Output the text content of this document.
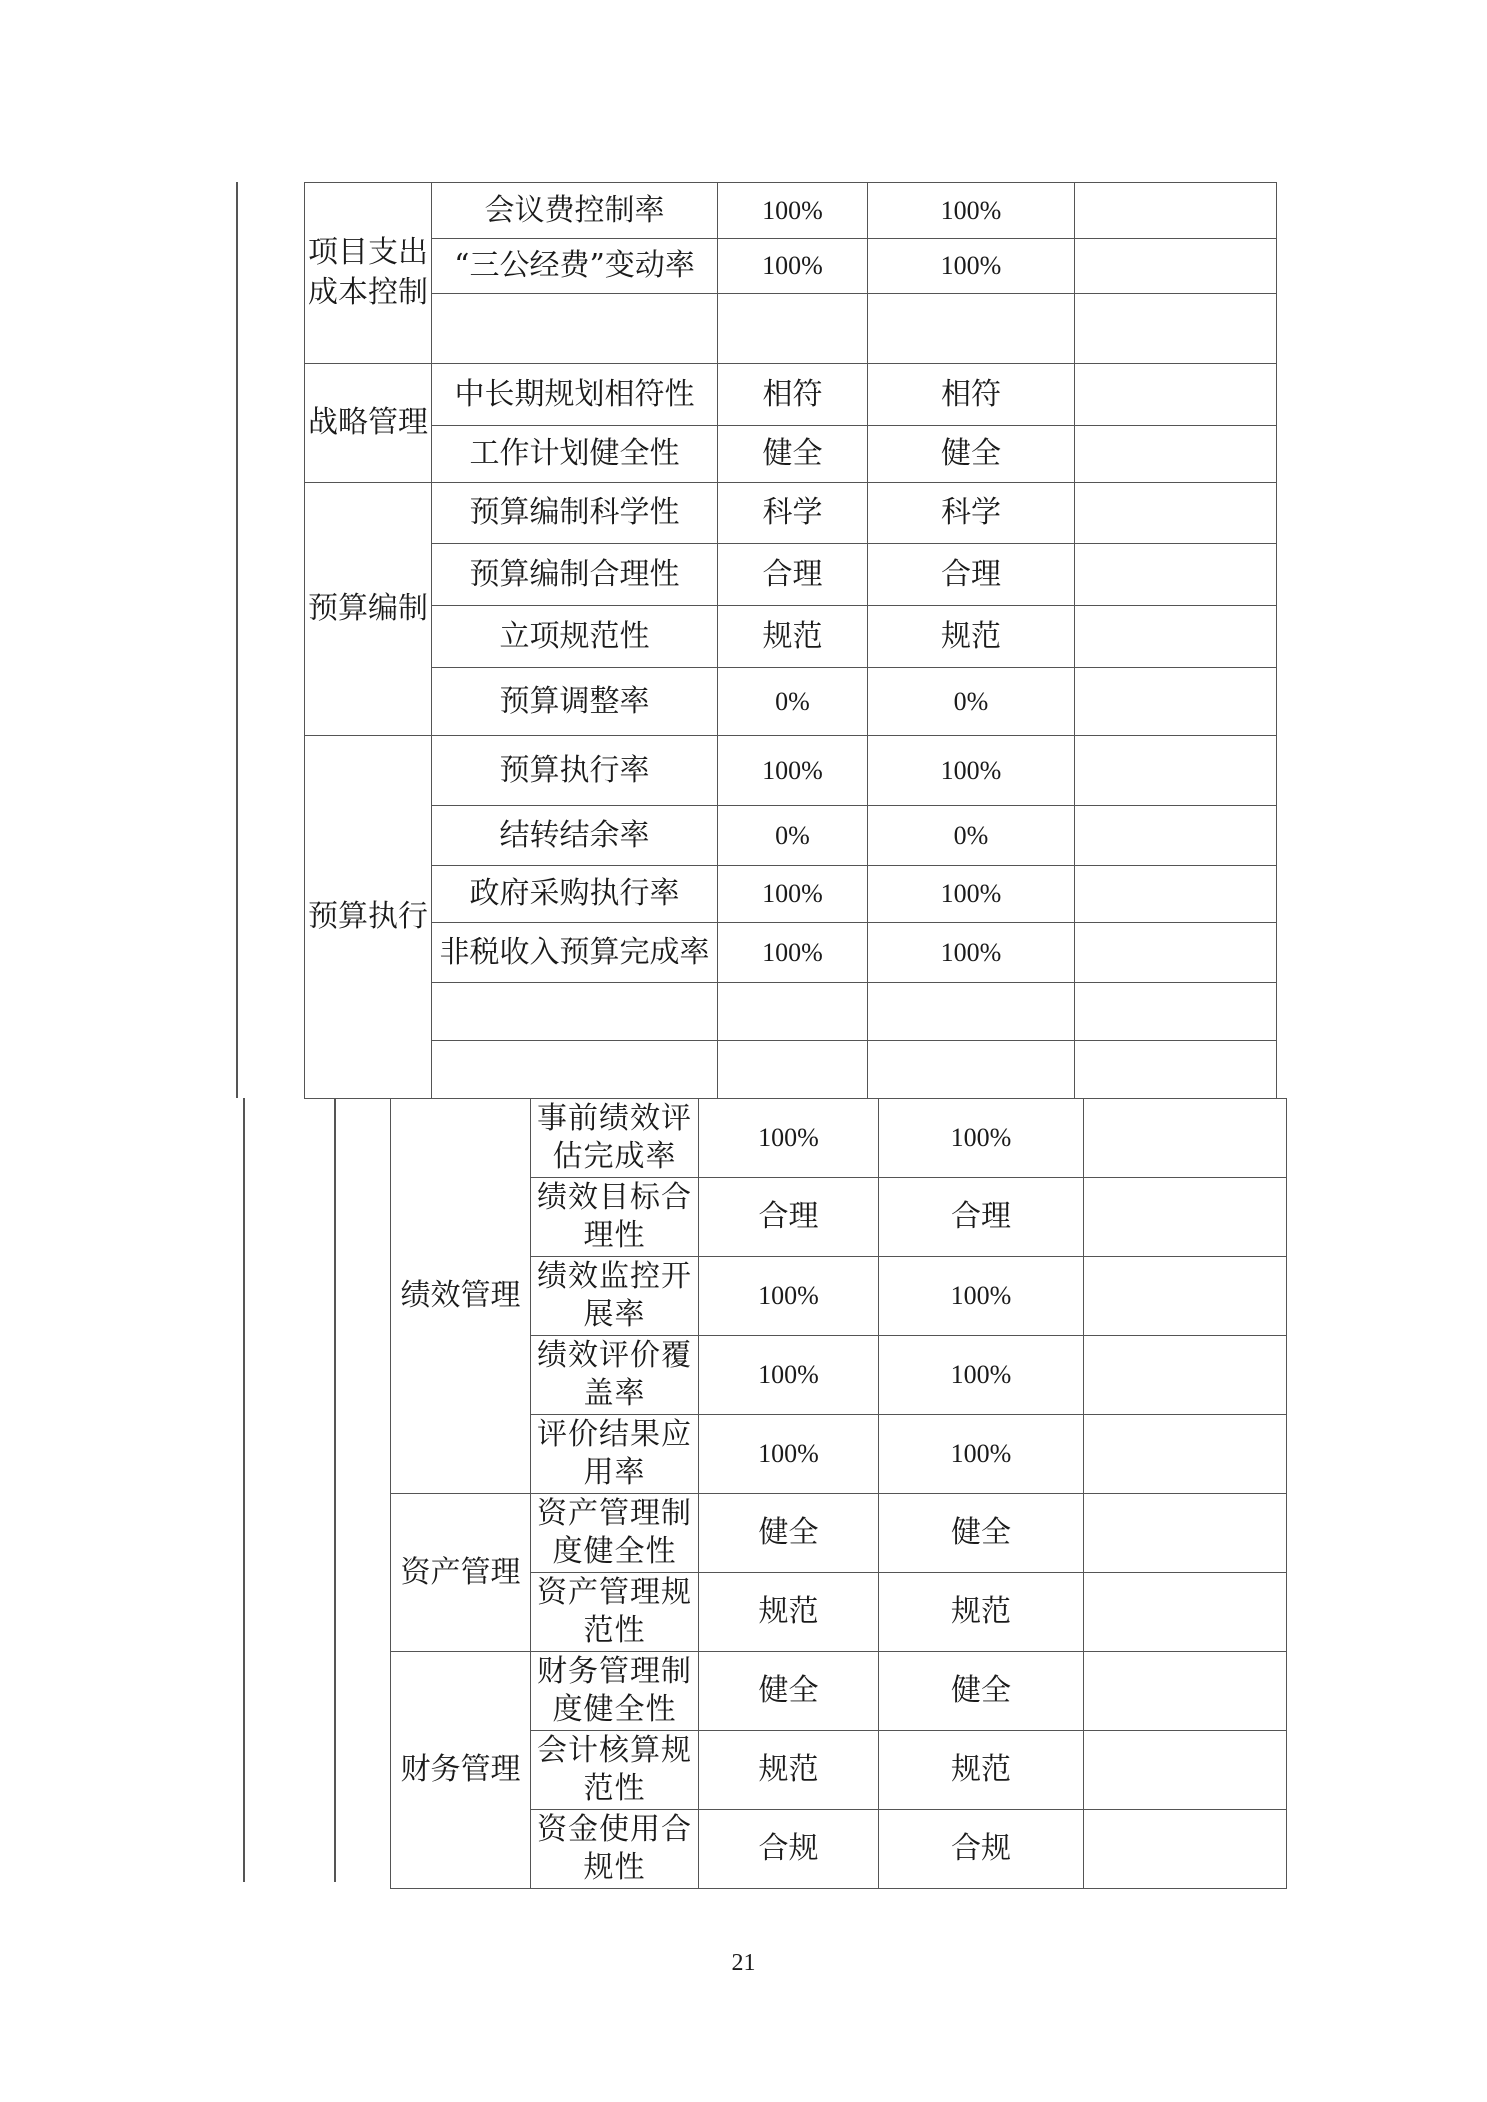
项目支出成本控制	会议费控制率	100%	100%	
	“三公经费”变动率	100%	100%	

战略管理	中长期规划相符性	相符	相符	
	工作计划健全性	健全	健全	
预算编制	预算编制科学性	科学	科学	
	预算编制合理性	合理	合理	
	立项规范性	规范	规范	
	预算调整率	0%	0%	
预算执行	预算执行率	100%	100%	
	结转结余率	0%	0%	
	政府采购执行率	100%	100%	
	非税收入预算完成率	100%	100%	

绩效管理	事前绩效评
估完成率	100%	100%	

	绩效目标合
理性	合理	合理	

	绩效监控开
展率	100%	100%	

	绩效评价覆
盖率	100%	100%	

	评价结果应
用率	100%	100%	
资产管理	资产管理制
度健全性	健全	健全	

	资产管理规
范性	规范	规范	
财务管理	财务管理制
度健全性	健全	健全	

	会计核算规
范性	规范	规范	

	资金使用合
规性	合规	合规	
21
